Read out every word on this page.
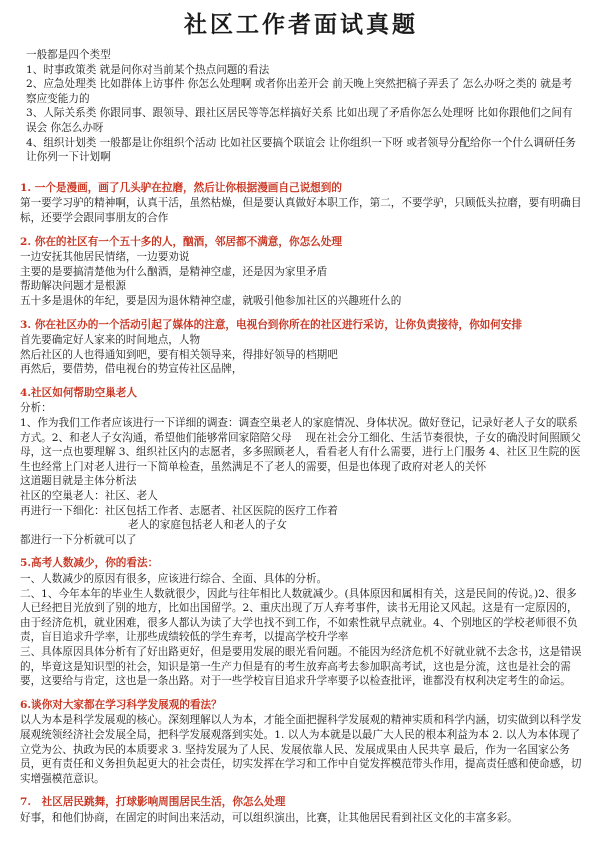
社区工作者面试真题

一般都是四个类型

1、时事政策类 就是问你对当前某个热点问题的看法

2、应急处理类 比如群体上访事件 你怎么处理啊 或者你出差开会 前天晚上突然把稿子弄丢了 怎么办呀之类的 就是考察应变能力的

3、人际关系类 你跟同事、跟领导、跟社区居民等等怎样搞好关系 比如出现了矛盾你怎么处理呀 比如你跟他们之间有误会 你怎么办呀

4、组织计划类 一般都是让你组织个活动 比如社区要搞个联谊会 让你组织一下呀 或者领导分配给你一个什么调研任务 让你列一下计划啊

1. 一个是漫画，画了几头驴在拉磨，然后让你根据漫画自己说想到的

第一要学习驴的精神啊，认真干活，虽然枯燥，但是要认真做好本职工作，第二，不要学驴，只顾低头拉磨，要有明确目标，还要学会跟同事朋友的合作

2. 你在的社区有一个五十多的人，酗酒，邻居都不满意，你怎么处理

一边安抚其他居民情绪，一边要劝说

主要的是要搞清楚他为什么酗酒，是精神空虚，还是因为家里矛盾

帮助解决问题才是根源

五十多是退休的年纪，要是因为退休精神空虚，就吸引他参加社区的兴趣班什么的

3. 你在社区办的一个活动引起了媒体的注意，电视台到你所在的社区进行采访，让你负责接待，你如何安排

首先要确定好人家来的时间地点，人物

然后社区的人也得通知到吧，要有相关领导来，得排好领导的档期吧

再然后，要借势，借电视台的势宣传社区品牌，

4.社区如何帮助空巢老人

分析：

1、作为我们工作者应该进行一下详细的调查：调查空巢老人的家庭情况、身体状况。做好登记，记录好老人子女的联系方式。2、和老人子女沟通，希望他们能够常回家陪陪父母　 现在社会分工细化、生活节奏很快，子女的确没时间照顾父母，这一点也要理解 3、组织社区内的志愿者，多多照顾老人，看看老人有什么需要，进行上门服务 4、社区卫生院的医生也经常上门对老人进行一下简单检查，虽然满足不了老人的需要，但是也体现了政府对老人的关怀

这道题目就是主体分析法

社区的空巢老人：社区、老人

再进行一下细化：社区包括工作者、志愿者、社区医院的医疗工作着

老人的家庭包括老人和老人的子女

都进行一下分析就可以了

5.高考人数减少，你的看法：

一、人数减少的原因有很多，应该进行综合、全面、具体的分析。

二、1、今年本年的毕业生人数就很少，因此与往年相比人数就减少。(具体原因和属相有关，这是民间的传说。)2、很多人已经把目光放到了别的地方，比如出国留学。2、重庆出现了万人弃考事件，读书无用论又风起。这是有一定原因的，由于经济危机，就业困难，很多人都认为读了大学也找不到工作，不如索性就早点就业。4、个别地区的学校老师很不负责，盲目追求升学率，让那些成绩较低的学生弃考，以提高学校升学率

三、具体原因具体分析有了好出路更好，但是要用发展的眼光看问题。不能因为经济危机不好就业就不去念书，这是错误的，毕竟这是知识型的社会，知识是第一生产力但是有的考生放弃高考去参加职高考试，这也是分流，这也是社会的需要，这要给与肯定，这也是一条出路。对于一些学校盲目追求升学率要予以检查批评，谁都没有权利决定考生的命运。

6.谈你对大家都在学习科学发展观的看法？

以人为本是科学发展观的核心。深刻理解以人为本，才能全面把握科学发展观的精神实质和科学内涵，切实做到以科学发展观统领经济社会发展全局，把科学发展观落到实处。1. 以人为本就是以最广大人民的根本利益为本 2. 以人为本体现了立党为公、执政为民的本质要求 3. 坚持发展为了人民、发展依靠人民、发展成果由人民共享 最后，作为一名国家公务员，更有责任和义务担负起更大的社会责任，切实发挥在学习和工作中自觉发挥模范带头作用，提高责任感和使命感，切实增强模范意识。

7.　社区居民跳舞，打球影响周围居民生活，你怎么处理

好事，和他们协商，在固定的时间出来活动，可以组织演出，比赛，让其他居民看到社区文化的丰富多彩。
